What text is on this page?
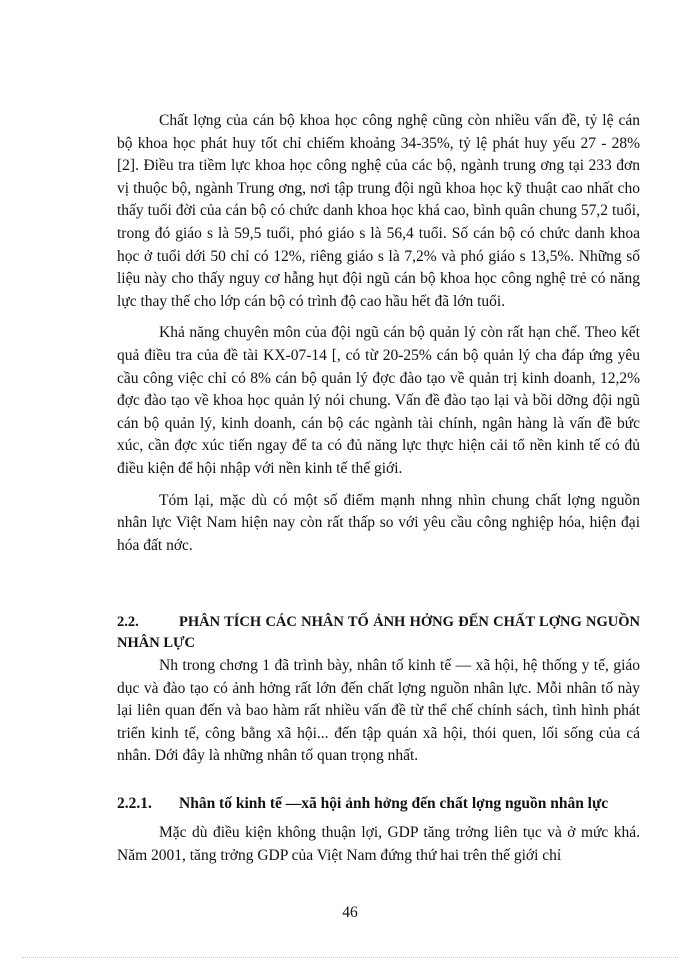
Chất lợng của cán bộ khoa học công nghệ cũng còn nhiều vấn đề, tỷ lệ cán bộ khoa học phát huy tốt chỉ chiếm khoảng 34-35%, tỷ lệ phát huy yếu 27 - 28% [2]. Điều tra tiềm lực khoa học công nghệ của các bộ, ngành trung ơng tại 233 đơn vị thuộc bộ, ngành Trung ơng, nơi tập trung đội ngũ khoa học kỹ thuật cao nhất cho thấy tuổi đời của cán bộ có chức danh khoa học khá cao, bình quân chung 57,2 tuổi, trong đó giáo s là 59,5 tuổi, phó giáo s là 56,4 tuổi. Số cán bộ có chức danh khoa học ở tuổi dới 50 chỉ có 12%, riêng giáo s là 7,2% và phó giáo s 13,5%. Những số liệu này cho thấy nguy cơ hẫng hụt đội ngũ cán bộ khoa học công nghệ trẻ có năng lực thay thế cho lớp cán bộ có trình độ cao hầu hết đã lớn tuổi.

Khả năng chuyên môn của đội ngũ cán bộ quản lý còn rất hạn chế. Theo kết quả điều tra của đề tài KX-07-14 [, có từ 20-25% cán bộ quản lý cha đáp ứng yêu cầu công việc chỉ có 8% cán bộ quản lý đợc đào tạo về quản trị kinh doanh, 12,2% đợc đào tạo về khoa học quản lý nói chung. Vấn đề đào tạo lại và bồi dỡng đội ngũ cán bộ quản lý, kinh doanh, cán bộ các ngành tài chính, ngân hàng là vấn đề bức xúc, cần đợc xúc tiến ngay để ta có đủ năng lực thực hiện cải tổ nền kinh tế có đủ điều kiện để hội nhập với nền kinh tế thế giới.

Tóm lại, mặc dù có một số điểm mạnh nhng nhìn chung chất lợng nguồn nhân lực Việt Nam hiện nay còn rất thấp so với yêu cầu công nghiệp hóa, hiện đại hóa đất nớc.

2.2.	PHÂN TÍCH CÁC NHÂN TỐ ẢNH HỞNG ĐẾN CHẤT LỢNG NGUỒN NHÂN LỰC

Nh trong chơng 1 đã trình bày, nhân tố kinh tế — xã hội, hệ thống y tế, giáo dục và đào tạo có ảnh hởng rất lớn đến chất lợng nguồn nhân lực. Mỗi nhân tố này lại liên quan đến và bao hàm rất nhiều vấn đề từ thể chế chính sách, tình hình phát triển kinh tế, công bằng xã hội... đến tập quán xã hội, thói quen, lối sống của cá nhân. Dới đây là những nhân tố quan trọng nhất.

2.2.1. Nhân tố kinh tế —xã hội ảnh hởng đến chất lợng nguồn nhân lực

Mặc dù điều kiện không thuận lợi, GDP tăng trởng liên tục và ở mức khá. Năm 2001, tăng trởng GDP của Việt Nam đứng thứ hai trên thế giới chỉ

46
